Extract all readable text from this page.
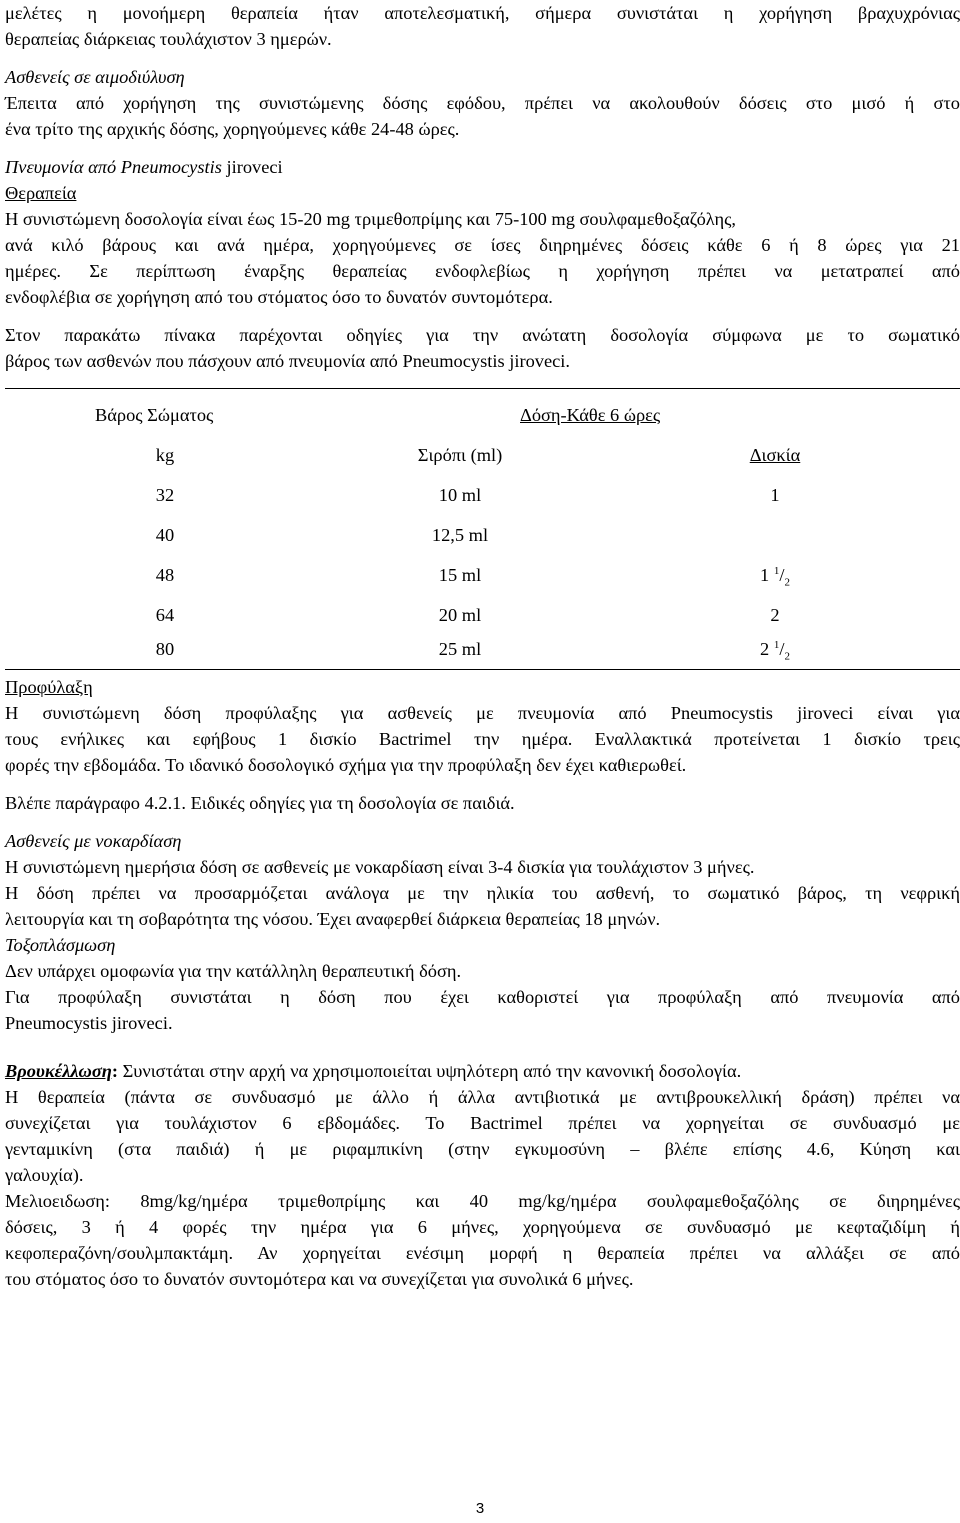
μελέτες η μονοήμερη θεραπεία ήταν αποτελεσματική, σήμερα συνιστάται η χορήγηση βραχυχρόνιας

θεραπείας διάρκειας τουλάχιστον 3 ημερών.

Ασθενείς σε αιμοδιύλυση

Έπειτα από χορήγηση της συνιστώμενης δόσης εφόδου, πρέπει να ακολουθούν δόσεις στο μισό ή στο

ένα τρίτο της αρχικής δόσης, χορηγούμενες κάθε 24-48 ώρες.

Πνευμονία από Pneumocystis jiroveci

Θεραπεία

Η συνιστώμενη δοσολογία είναι έως 15-20 mg τριμεθοπρίμης και 75-100 mg σουλφαμεθοξαζόλης,

ανά κιλό βάρους και ανά ημέρα, χορηγούμενες σε ίσες διηρημένες δόσεις κάθε 6 ή 8 ώρες για 21

ημέρες. Σε περίπτωση έναρξης θεραπείας ενδοφλεβίως η χορήγηση πρέπει να μετατραπεί από

ενδοφλέβια σε χορήγηση από του στόματος όσο το δυνατόν συντομότερα.

Στον παρακάτω πίνακα παρέχονται οδηγίες για την ανώτατη δοσολογία σύμφωνα με το σωματικό

βάρος των ασθενών που πάσχουν από πνευμονία από Pneumocystis jiroveci.

Βάρος Σώματος	Δόση-Κάθε 6 ώρες
kg	Σιρόπι (ml)	Δισκία
32	10 ml	1
40	12,5 ml
48	15 ml	1 $^1/_2$
64	20 ml	2
80	25 ml	2 $^1/_2$

Προφύλαξη

Η συνιστώμενη δόση προφύλαξης για ασθενείς με πνευμονία από Pneumocystis jiroveci είναι για

τους ενήλικες και εφήβους 1 δισκίο Bactrimel την ημέρα. Εναλλακτικά προτείνεται 1 δισκίο τρεις

φορές την εβδομάδα. Το ιδανικό δοσολογικό σχήμα για την προφύλαξη δεν έχει καθιερωθεί.

Βλέπε παράγραφο 4.2.1. Ειδικές οδηγίες για τη δοσολογία σε παιδιά.

Ασθενείς με νοκαρδίαση

Η συνιστώμενη ημερήσια δόση σε ασθενείς με νοκαρδίαση είναι 3-4 δισκία για τουλάχιστον 3 μήνες.

Η δόση πρέπει να προσαρμόζεται ανάλογα με την ηλικία του ασθενή, το σωματικό βάρος, τη νεφρική

λειτουργία και τη σοβαρότητα της νόσου. Έχει αναφερθεί διάρκεια θεραπείας 18 μηνών.

Τοξοπλάσμωση

Δεν υπάρχει ομοφωνία για την κατάλληλη θεραπευτική δόση.

Για προφύλαξη συνιστάται η δόση που έχει καθοριστεί για προφύλαξη από πνευμονία από

Pneumocystis jiroveci.

Βρουκέλλωση: Συνιστάται στην αρχή να χρησιμοποιείται υψηλότερη από την κανονική δοσολογία.

Η θεραπεία (πάντα σε συνδυασμό με άλλο ή άλλα αντιβιοτικά με αντιβρουκελλική δράση) πρέπει να

συνεχίζεται για τουλάχιστον 6 εβδομάδες. Το Bactrimel πρέπει να χορηγείται σε συνδυασμό με

γενταμικίνη (στα παιδιά) ή με ριφαμπικίνη (στην εγκυμοσύνη – βλέπε επίσης 4.6, Κύηση και

γαλουχία).

Μελιοειδωση: 8mg/kg/ημέρα τριμεθοπρίμης και 40 mg/kg/ημέρα σουλφαμεθοξαζόλης σε διηρημένες

δόσεις, 3 ή 4 φορές την ημέρα για 6 μήνες, χορηγούμενα σε συνδυασμό με κεφταζιδίμη ή

κεφοπεραζόνη/σουλμπακτάμη. Αν χορηγείται ενέσιμη μορφή η θεραπεία πρέπει να αλλάξει σε από

του στόματος όσο το δυνατόν συντομότερα και να συνεχίζεται για συνολικά 6 μήνες.

3
